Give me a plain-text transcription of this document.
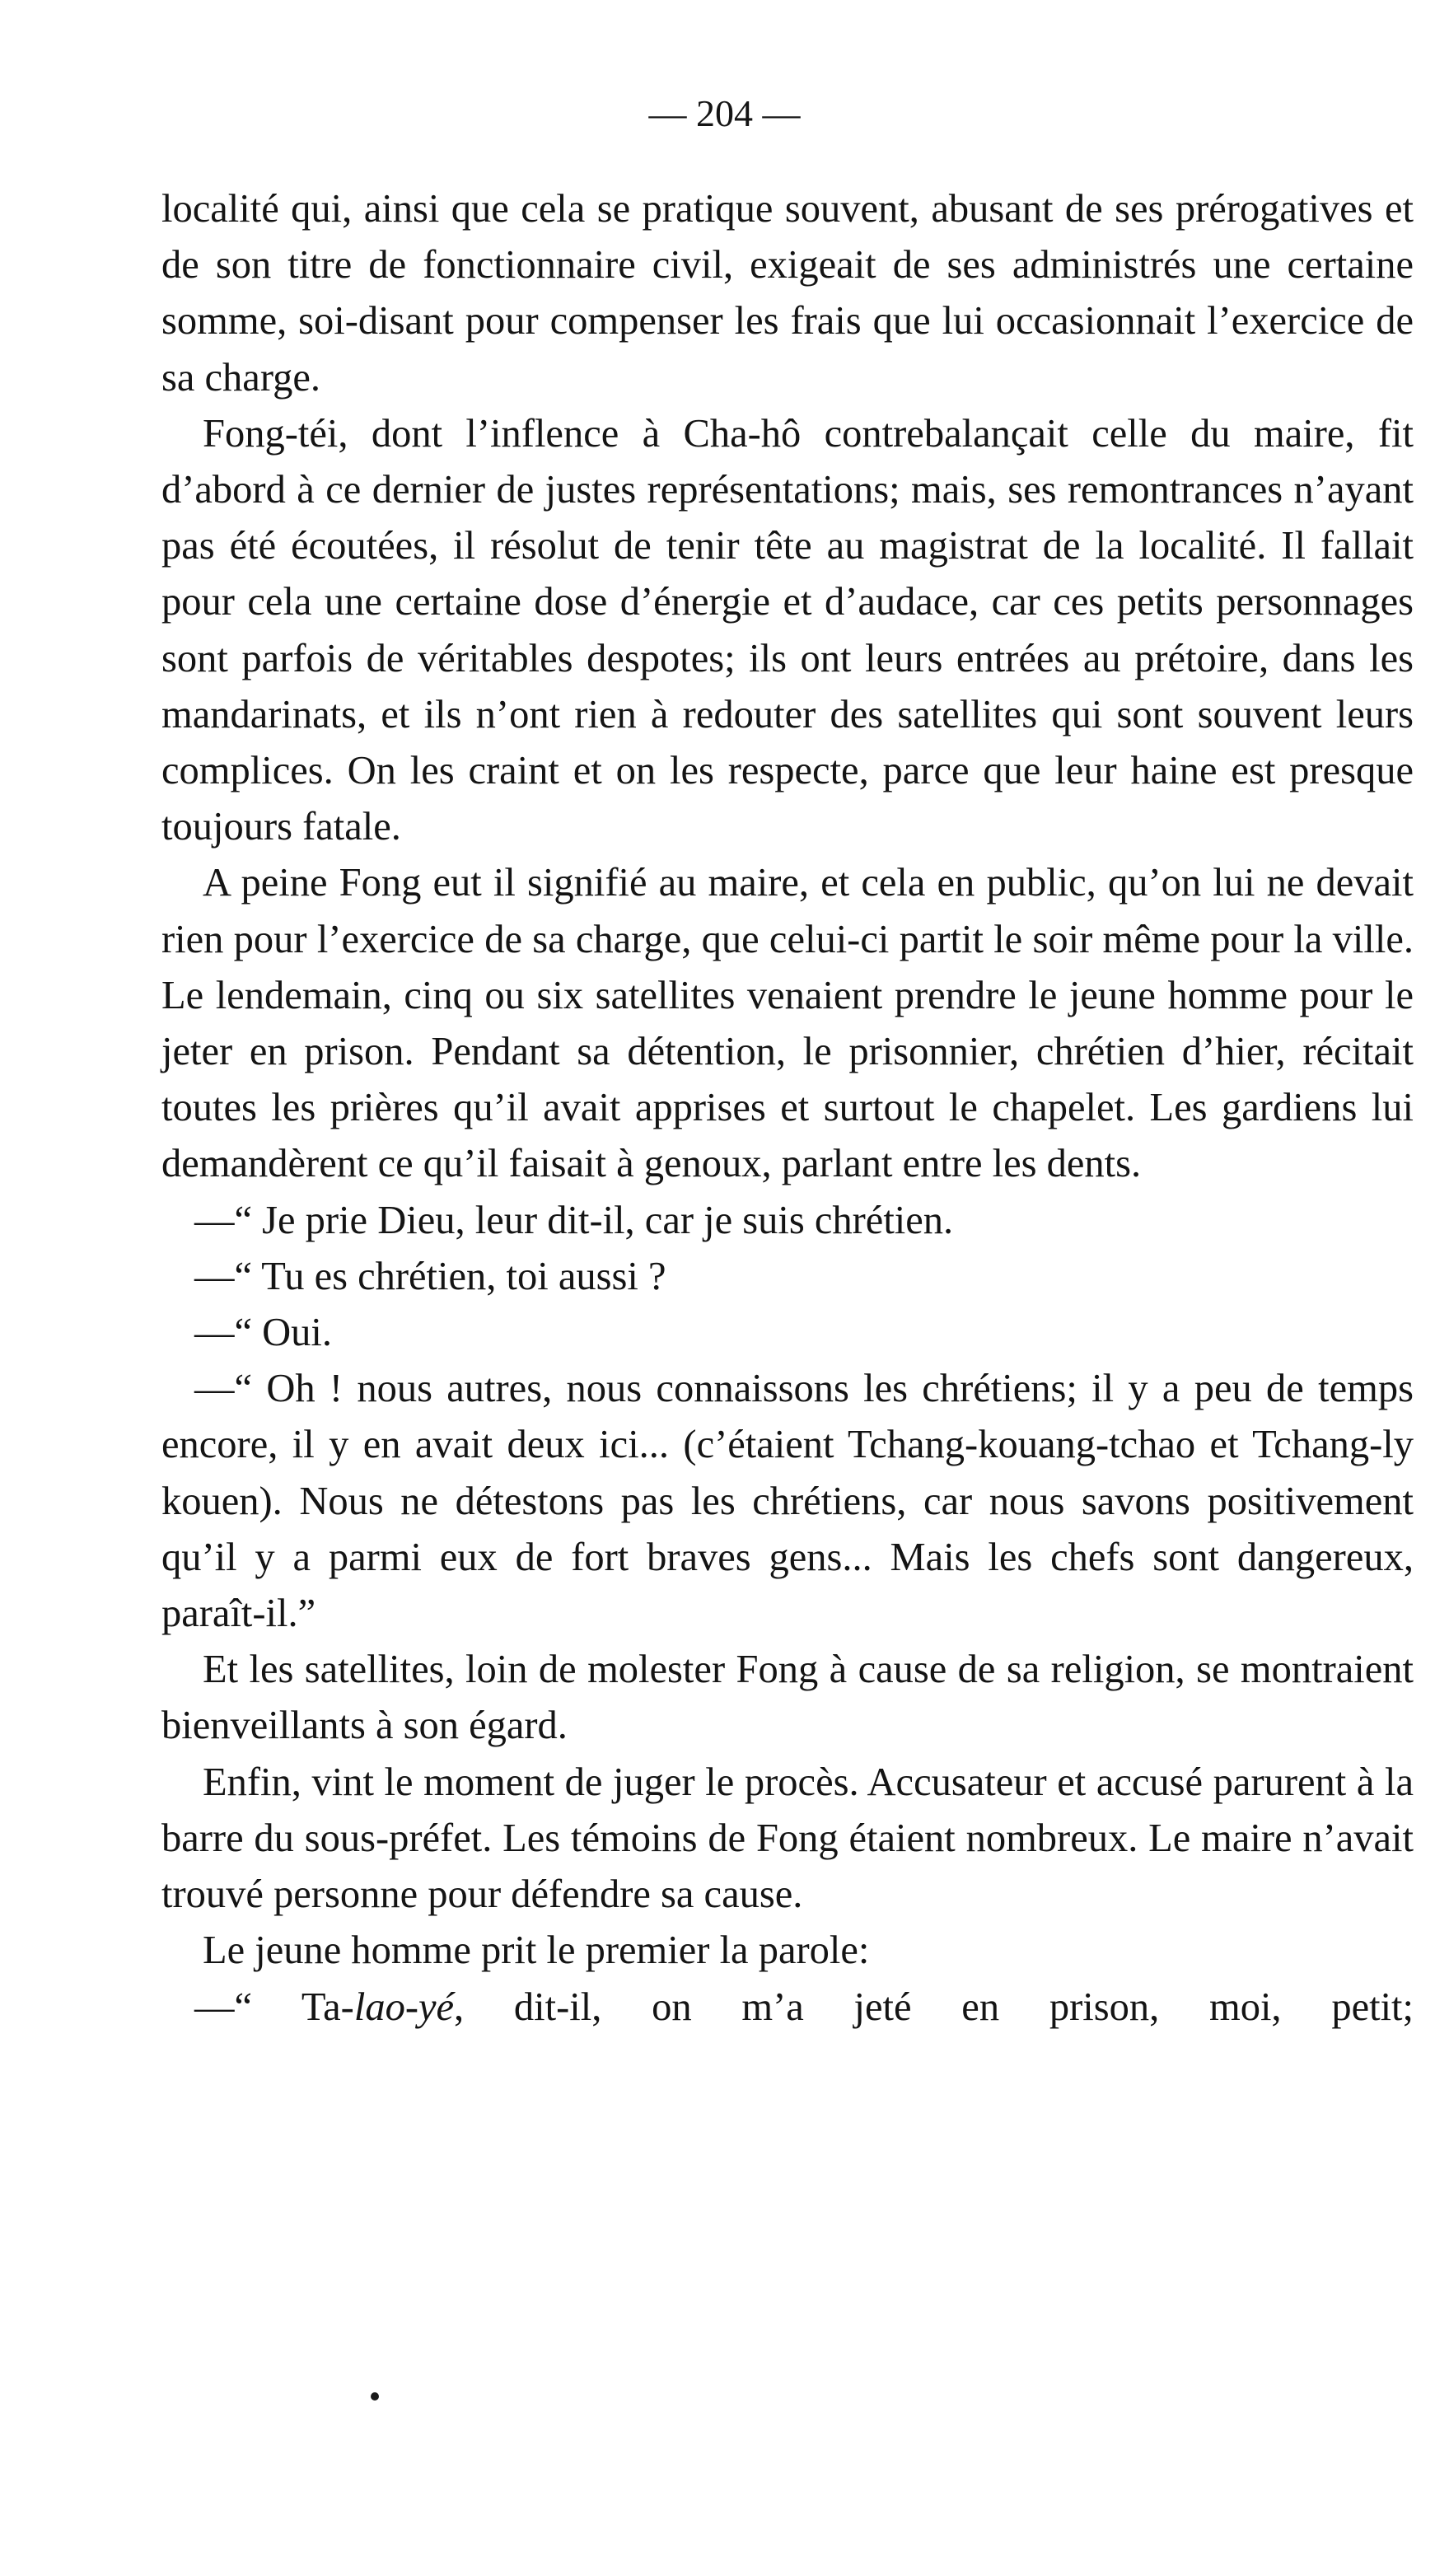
— 204 —

localité qui, ainsi que cela se pratique souvent, abusant de ses prérogatives et de son titre de fonctionnaire civil, exigeait de ses administrés une certaine somme, soi-disant pour compenser les frais que lui occasionnait l’exercice de sa charge.

Fong-téi, dont l’inflence à Cha-hô contrebalançait celle du maire, fit d’abord à ce dernier de justes représentations; mais, ses remontrances n’ayant pas été écoutées, il résolut de tenir tête au magistrat de la localité. Il fallait pour cela une certaine dose d’énergie et d’audace, car ces petits personnages sont parfois de véritables despotes; ils ont leurs entrées au prétoire, dans les mandarinats, et ils n’ont rien à redouter des satellites qui sont souvent leurs complices. On les craint et on les respecte, parce que leur haine est presque toujours fatale.

A peine Fong eut il signifié au maire, et cela en public, qu’on lui ne devait rien pour l’exercice de sa charge, que celui-ci partit le soir même pour la ville. Le lendemain, cinq ou six satellites venaient prendre le jeune homme pour le jeter en prison. Pendant sa détention, le prisonnier, chrétien d’hier, récitait toutes les prières qu’il avait apprises et surtout le chapelet. Les gardiens lui demandèrent ce qu’il faisait à genoux, parlant entre les dents.

—“ Je prie Dieu, leur dit-il, car je suis chrétien.

—“ Tu es chrétien, toi aussi ?

—“ Oui.

—“ Oh ! nous autres, nous connaissons les chrétiens; il y a peu de temps encore, il y en avait deux ici... (c’étaient Tchang-kouang-tchao et Tchang-ly kouen). Nous ne détestons pas les chrétiens, car nous savons positivement qu’il y a parmi eux de fort braves gens... Mais les chefs sont dangereux, paraît-il.”

Et les satellites, loin de molester Fong à cause de sa religion, se montraient bienveillants à son égard.

Enfin, vint le moment de juger le procès. Accusateur et accusé parurent à la barre du sous-préfet. Les témoins de Fong étaient nombreux. Le maire n’avait trouvé personne pour défendre sa cause.

Le jeune homme prit le premier la parole:

—“ Ta-lao-yé, dit-il, on m’a jeté en prison, moi, petit;
